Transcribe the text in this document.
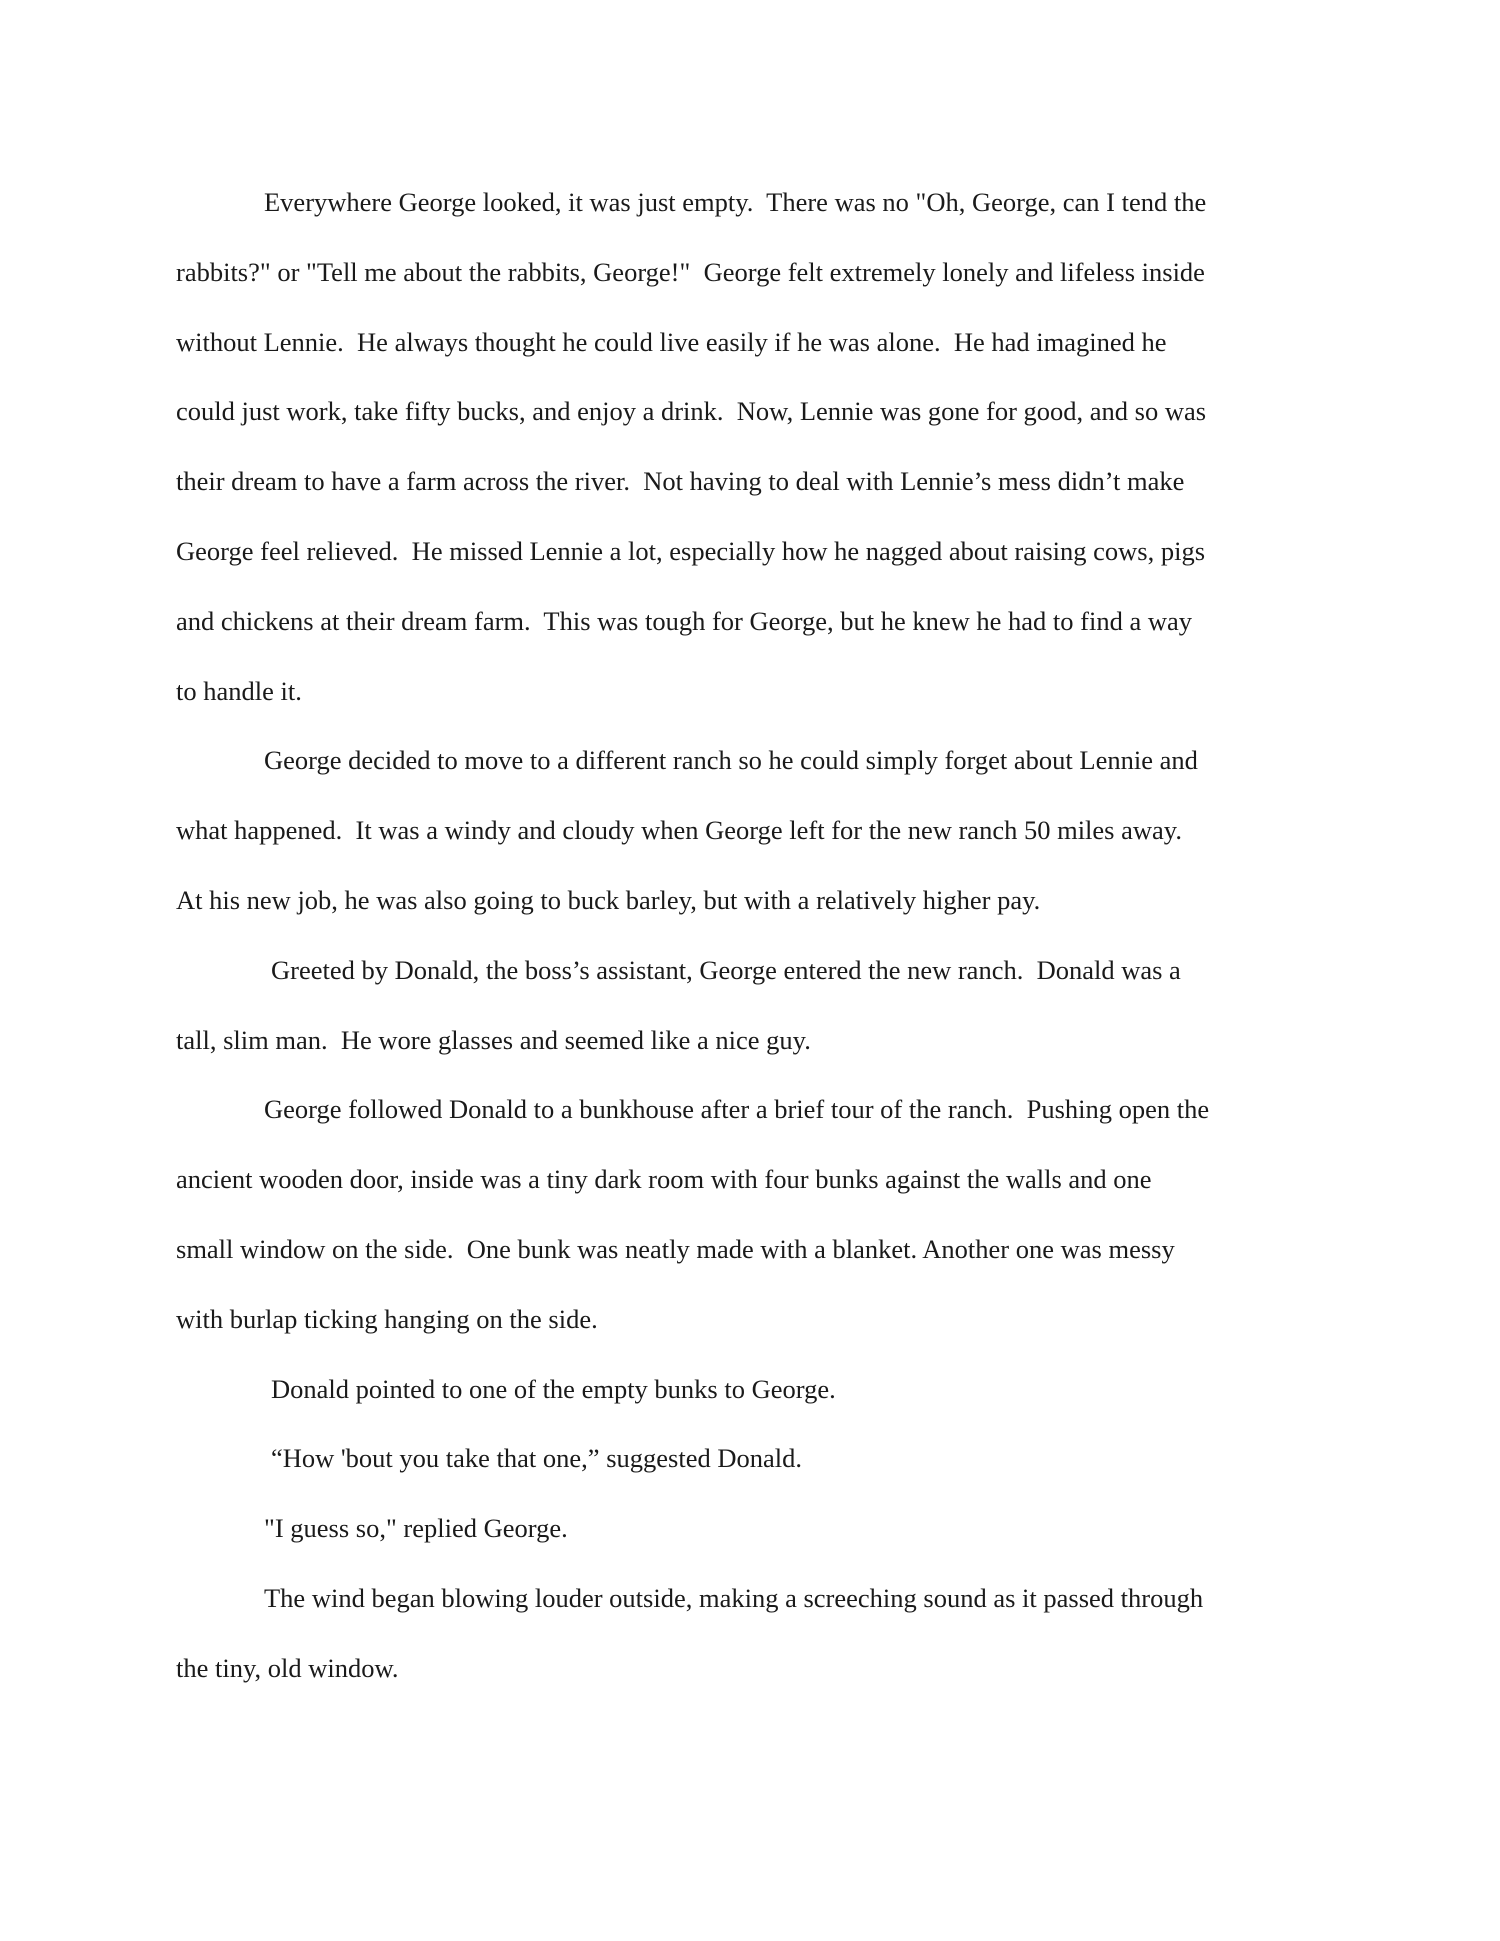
Everywhere George looked, it was just empty.  There was no "Oh, George, can I tend the
rabbits?" or "Tell me about the rabbits, George!"  George felt extremely lonely and lifeless inside
without Lennie.  He always thought he could live easily if he was alone.  He had imagined he
could just work, take fifty bucks, and enjoy a drink.  Now, Lennie was gone for good, and so was
their dream to have a farm across the river.  Not having to deal with Lennie’s mess didn’t make
George feel relieved.  He missed Lennie a lot, especially how he nagged about raising cows, pigs
and chickens at their dream farm.  This was tough for George, but he knew he had to find a way
to handle it.
George decided to move to a different ranch so he could simply forget about Lennie and
what happened.  It was a windy and cloudy when George left for the new ranch 50 miles away.
At his new job, he was also going to buck barley, but with a relatively higher pay.
Greeted by Donald, the boss’s assistant, George entered the new ranch.  Donald was a
tall, slim man.  He wore glasses and seemed like a nice guy.
George followed Donald to a bunkhouse after a brief tour of the ranch.  Pushing open the
ancient wooden door, inside was a tiny dark room with four bunks against the walls and one
small window on the side.  One bunk was neatly made with a blanket. Another one was messy
with burlap ticking hanging on the side.
Donald pointed to one of the empty bunks to George.
“How 'bout you take that one,” suggested Donald.
"I guess so," replied George.
The wind began blowing louder outside, making a screeching sound as it passed through
the tiny, old window.
